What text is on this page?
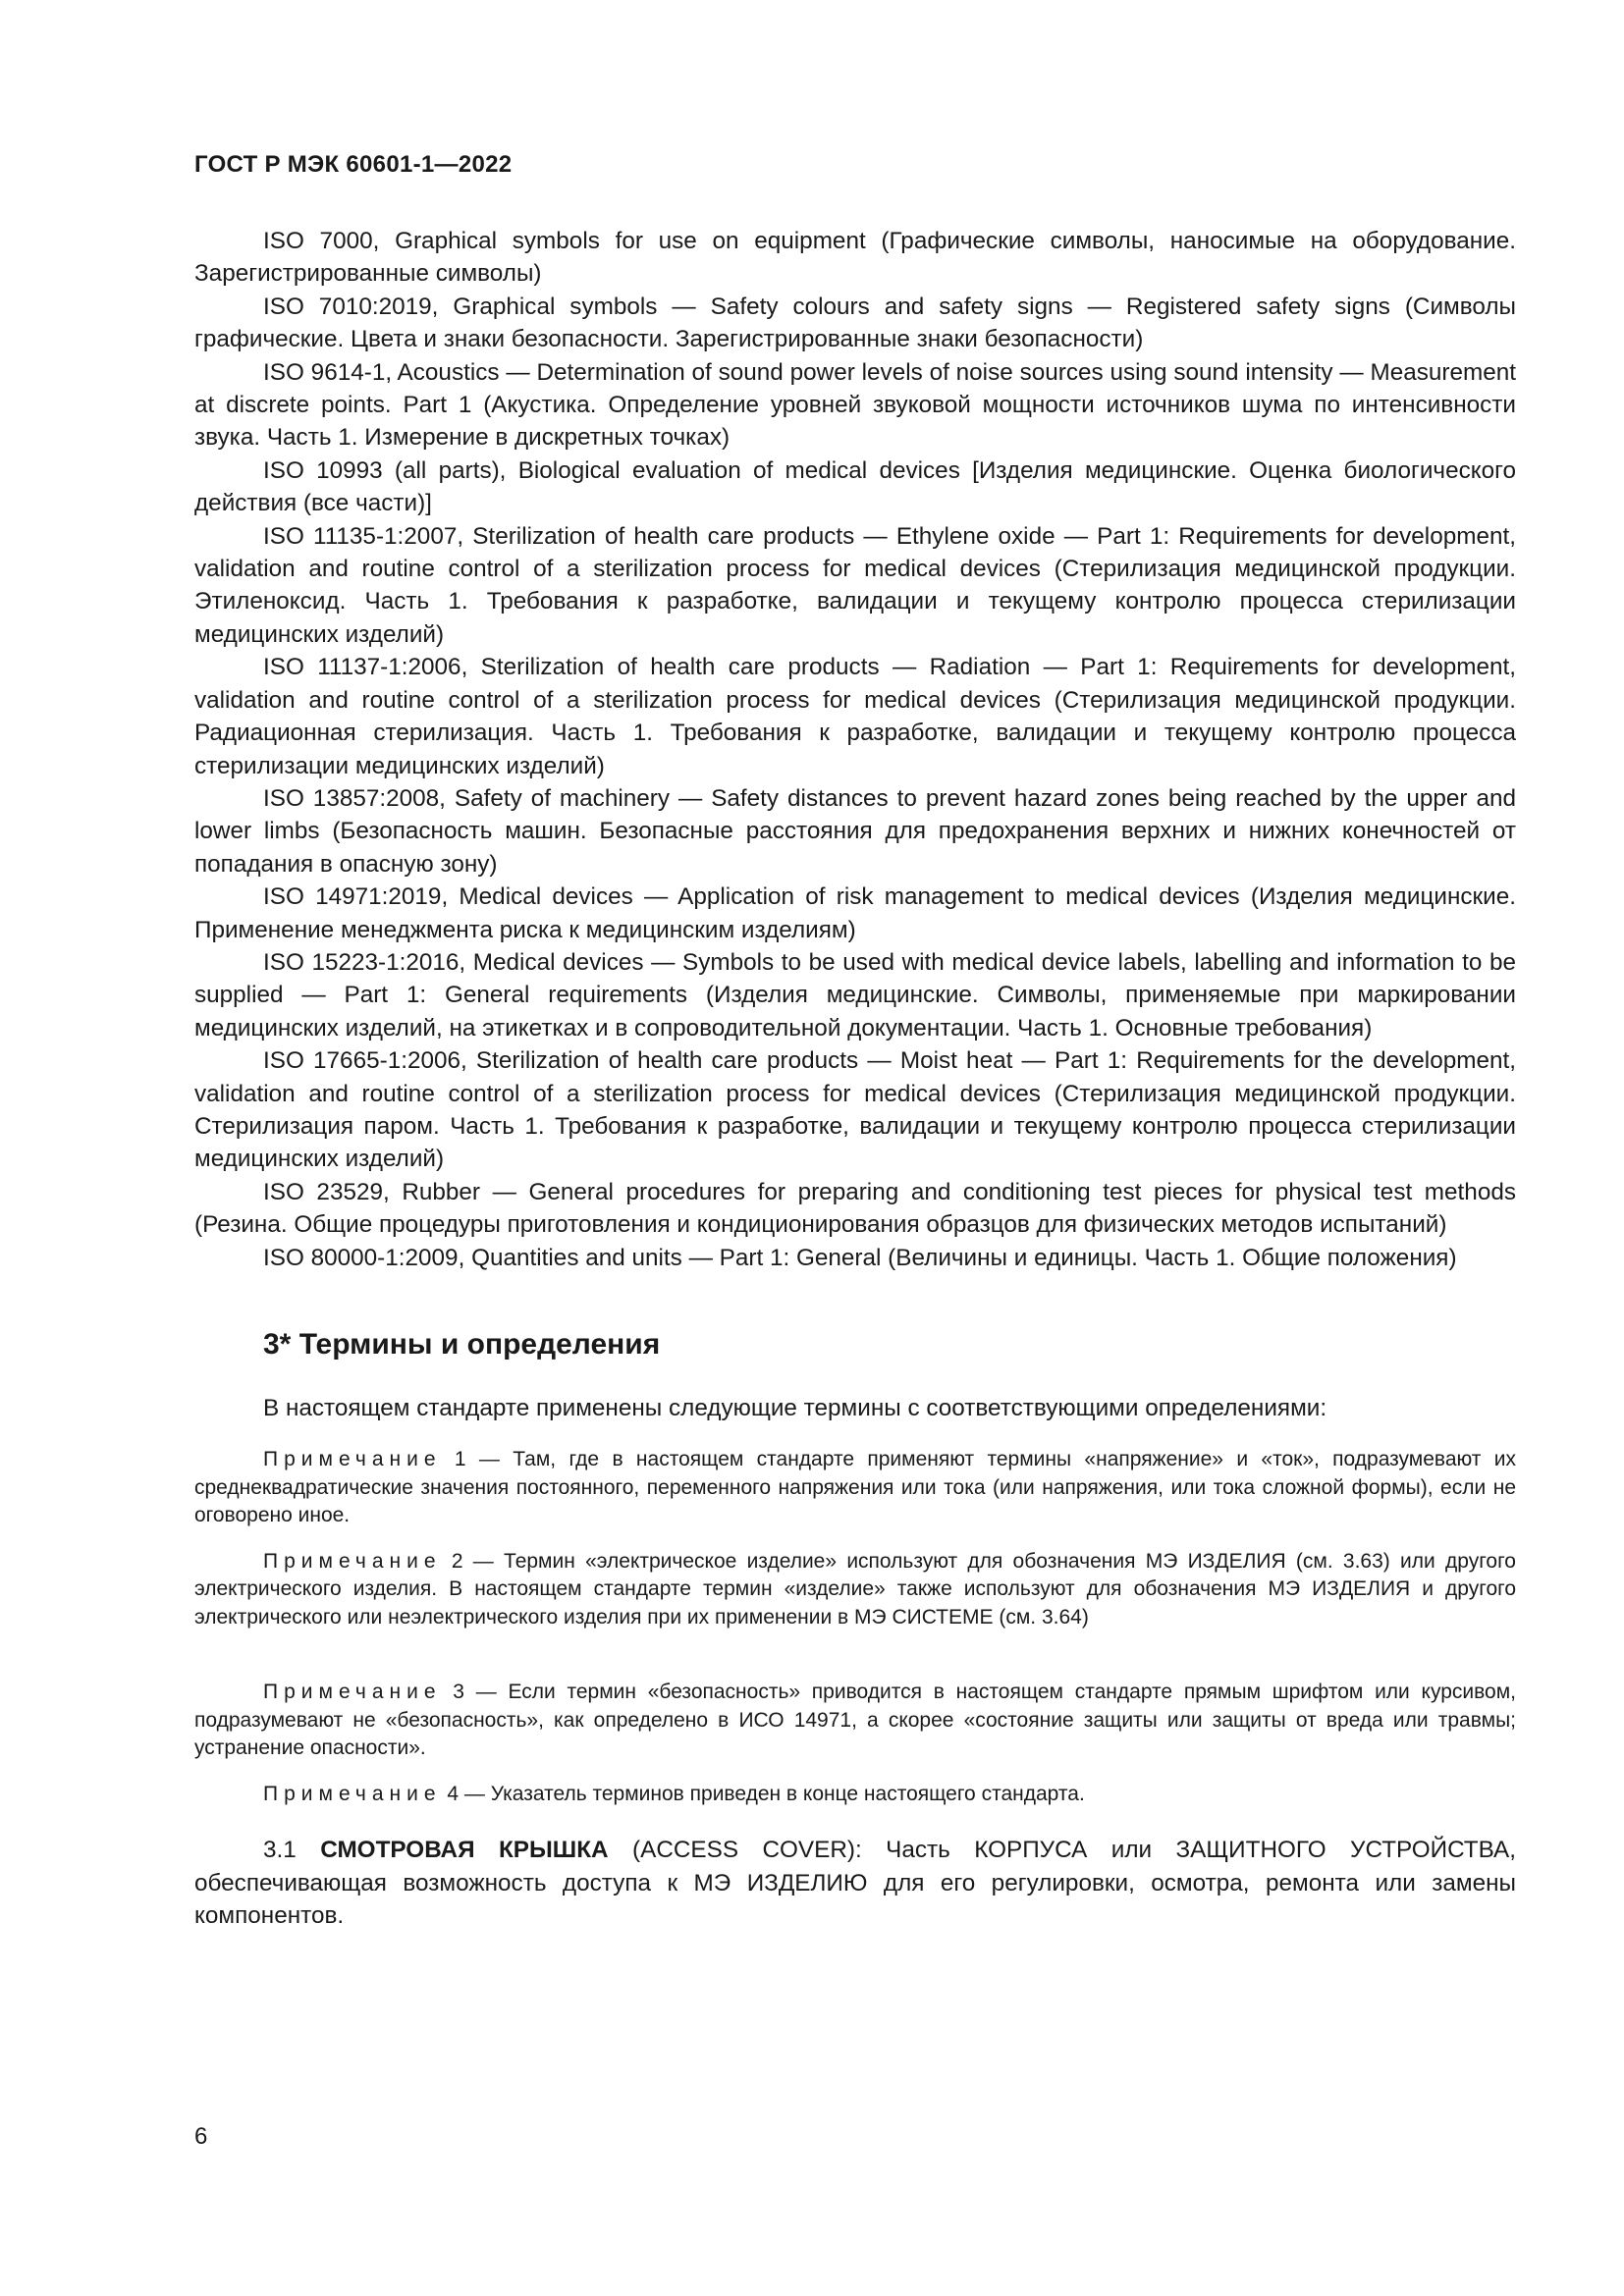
ГОСТ Р МЭК 60601-1—2022

ISO 7000, Graphical symbols for use on equipment (Графические символы, наносимые на оборудование. Зарегистрированные символы)

ISO 7010:2019, Graphical symbols — Safety colours and safety signs — Registered safety signs (Символы графические. Цвета и знаки безопасности. Зарегистрированные знаки безопасности)

ISO 9614-1, Acoustics — Determination of sound power levels of noise sources using sound intensity — Measurement at discrete points. Part 1 (Акустика. Определение уровней звуковой мощности источников шума по интенсивности звука. Часть 1. Измерение в дискретных точках)

ISO 10993 (all parts), Biological evaluation of medical devices [Изделия медицинские. Оценка биологического действия (все части)]

ISO 11135-1:2007, Sterilization of health care products — Ethylene oxide — Part 1: Requirements for development, validation and routine control of a sterilization process for medical devices (Стерилизация медицинской продукции. Этиленоксид. Часть 1. Требования к разработке, валидации и текущему контролю процесса стерилизации медицинских изделий)

ISO 11137-1:2006, Sterilization of health care products — Radiation — Part 1: Requirements for development, validation and routine control of a sterilization process for medical devices (Стерилизация медицинской продукции. Радиационная стерилизация. Часть 1. Требования к разработке, валидации и текущему контролю процесса стерилизации медицинских изделий)

ISO 13857:2008, Safety of machinery — Safety distances to prevent hazard zones being reached by the upper and lower limbs (Безопасность машин. Безопасные расстояния для предохранения верхних и нижних конечностей от попадания в опасную зону)

ISO 14971:2019, Medical devices — Application of risk management to medical devices (Изделия медицинские. Применение менеджмента риска к медицинским изделиям)

ISO 15223-1:2016, Medical devices — Symbols to be used with medical device labels, labelling and information to be supplied — Part 1: General requirements (Изделия медицинские. Символы, применяемые при маркировании медицинских изделий, на этикетках и в сопроводительной документации. Часть 1. Основные требования)

ISO 17665-1:2006, Sterilization of health care products — Moist heat — Part 1: Requirements for the development, validation and routine control of a sterilization process for medical devices (Стерилизация медицинской продукции. Стерилизация паром. Часть 1. Требования к разработке, валидации и текущему контролю процесса стерилизации медицинских изделий)

ISO 23529, Rubber — General procedures for preparing and conditioning test pieces for physical test methods (Резина. Общие процедуры приготовления и кондиционирования образцов для физических методов испытаний)

ISO 80000-1:2009, Quantities and units — Part 1: General (Величины и единицы. Часть 1. Общие положения)

3* Термины и определения

В настоящем стандарте применены следующие термины с соответствующими определениями:

Примечание 1 — Там, где в настоящем стандарте применяют термины «напряжение» и «ток», подразумевают их среднеквадратические значения постоянного, переменного напряжения или тока (или напряжения, или тока сложной формы), если не оговорено иное.

Примечание 2 — Термин «электрическое изделие» используют для обозначения МЭ ИЗДЕЛИЯ (см. 3.63) или другого электрического изделия. В настоящем стандарте термин «изделие» также используют для обозначения МЭ ИЗДЕЛИЯ и другого электрического или неэлектрического изделия при их применении в МЭ СИСТЕМЕ (см. 3.64)

Примечание 3 — Если термин «безопасность» приводится в настоящем стандарте прямым шрифтом или курсивом, подразумевают не «безопасность», как определено в ИСО 14971, а скорее «состояние защиты или защиты от вреда или травмы; устранение опасности».

Примечание 4 — Указатель терминов приведен в конце настоящего стандарта.

3.1 СМОТРОВАЯ КРЫШКА (ACCESS COVER): Часть КОРПУСА или ЗАЩИТНОГО УСТРОЙСТВА, обеспечивающая возможность доступа к МЭ ИЗДЕЛИЮ для его регулировки, осмотра, ремонта или замены компонентов.

6
